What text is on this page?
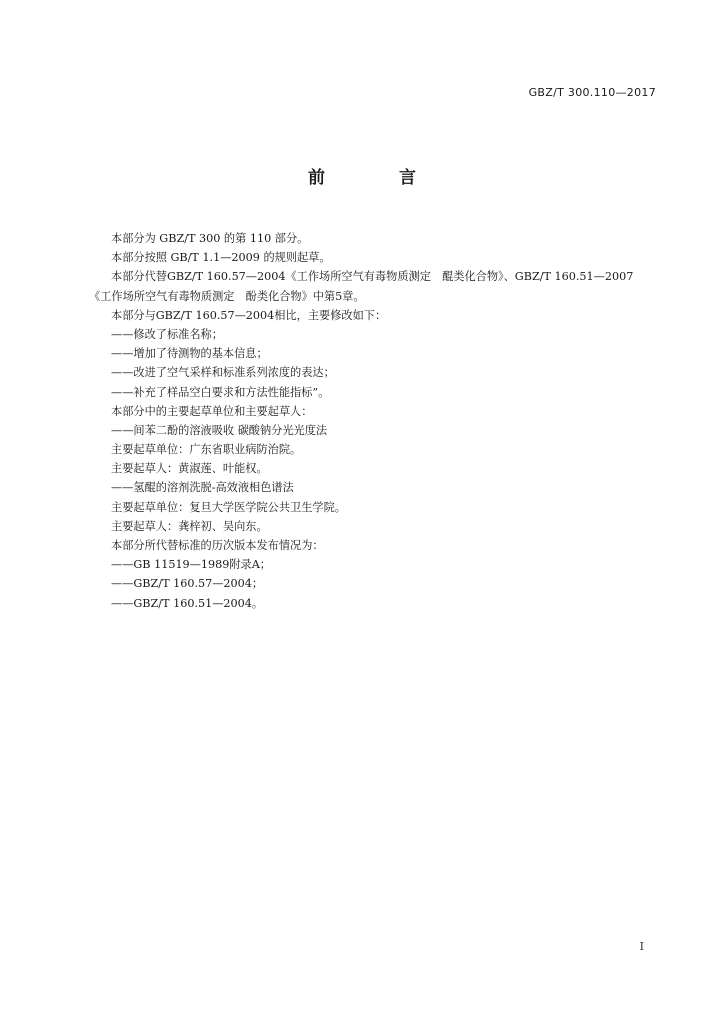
GBZ/T 300.110—2017
前 言
本部分为 GBZ/T 300 的第 110 部分。
本部分按照 GB/T 1.1—2009 的规则起草。
本部分代替GBZ/T 160.57—2004《工作场所空气有毒物质测定　醌类化合物》、GBZ/T 160.51—2007
《工作场所空气有毒物质测定　酚类化合物》中第5章。
本部分与GBZ/T 160.57—2004相比，主要修改如下：
——修改了标准名称；
——增加了待测物的基本信息；
——改进了空气采样和标准系列浓度的表达；
——补充了样品空白要求和方法性能指标”。
本部分中的主要起草单位和主要起草人：
——间苯二酚的溶液吸收 碳酸钠分光光度法
主要起草单位：广东省职业病防治院。
主要起草人：黄淑莲、叶能权。
——氢醌的溶剂洗脱-高效液相色谱法
主要起草单位：复旦大学医学院公共卫生学院。
主要起草人：龚梓初、吴向东。
本部分所代替标准的历次版本发布情况为：
——GB 11519—1989附录A；
——GBZ/T 160.57—2004；
——GBZ/T 160.51—2004。
I
